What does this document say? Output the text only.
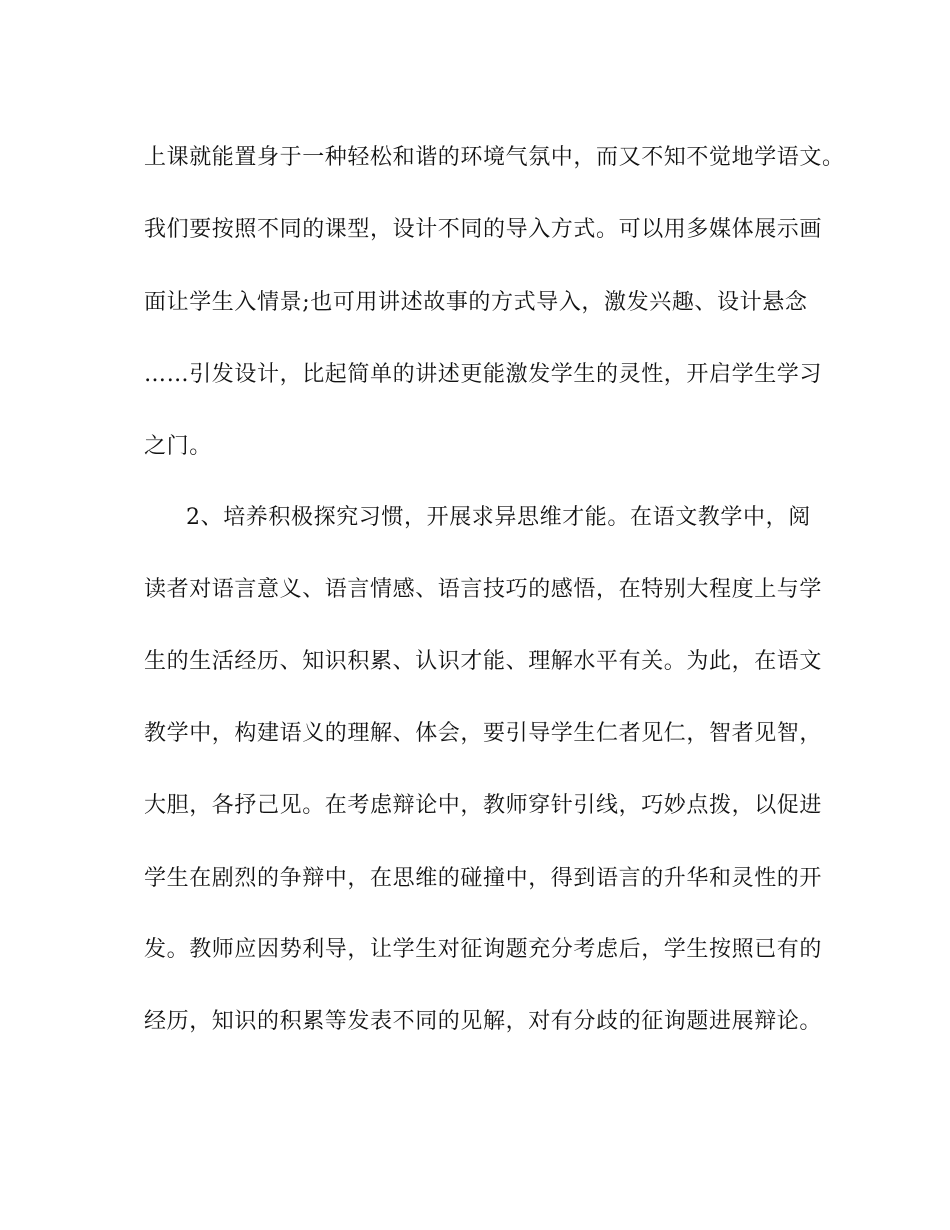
上课就能置身于一种轻松和谐的环境气氛中，而又不知不觉地学语文。
我们要按照不同的课型，设计不同的导入方式。可以用多媒体展示画
面让学生入情景;也可用讲述故事的方式导入，激发兴趣、设计悬念
……引发设计，比起简单的讲述更能激发学生的灵性，开启学生学习
之门。
2、培养积极探究习惯，开展求异思维才能。在语文教学中，阅
读者对语言意义、语言情感、语言技巧的感悟，在特别大程度上与学
生的生活经历、知识积累、认识才能、理解水平有关。为此，在语文
教学中，构建语义的理解、体会，要引导学生仁者见仁，智者见智，
大胆，各抒己见。在考虑辩论中，教师穿针引线，巧妙点拨，以促进
学生在剧烈的争辩中，在思维的碰撞中，得到语言的升华和灵性的开
发。教师应因势利导，让学生对征询题充分考虑后，学生按照已有的
经历，知识的积累等发表不同的见解，对有分歧的征询题进展辩论。
